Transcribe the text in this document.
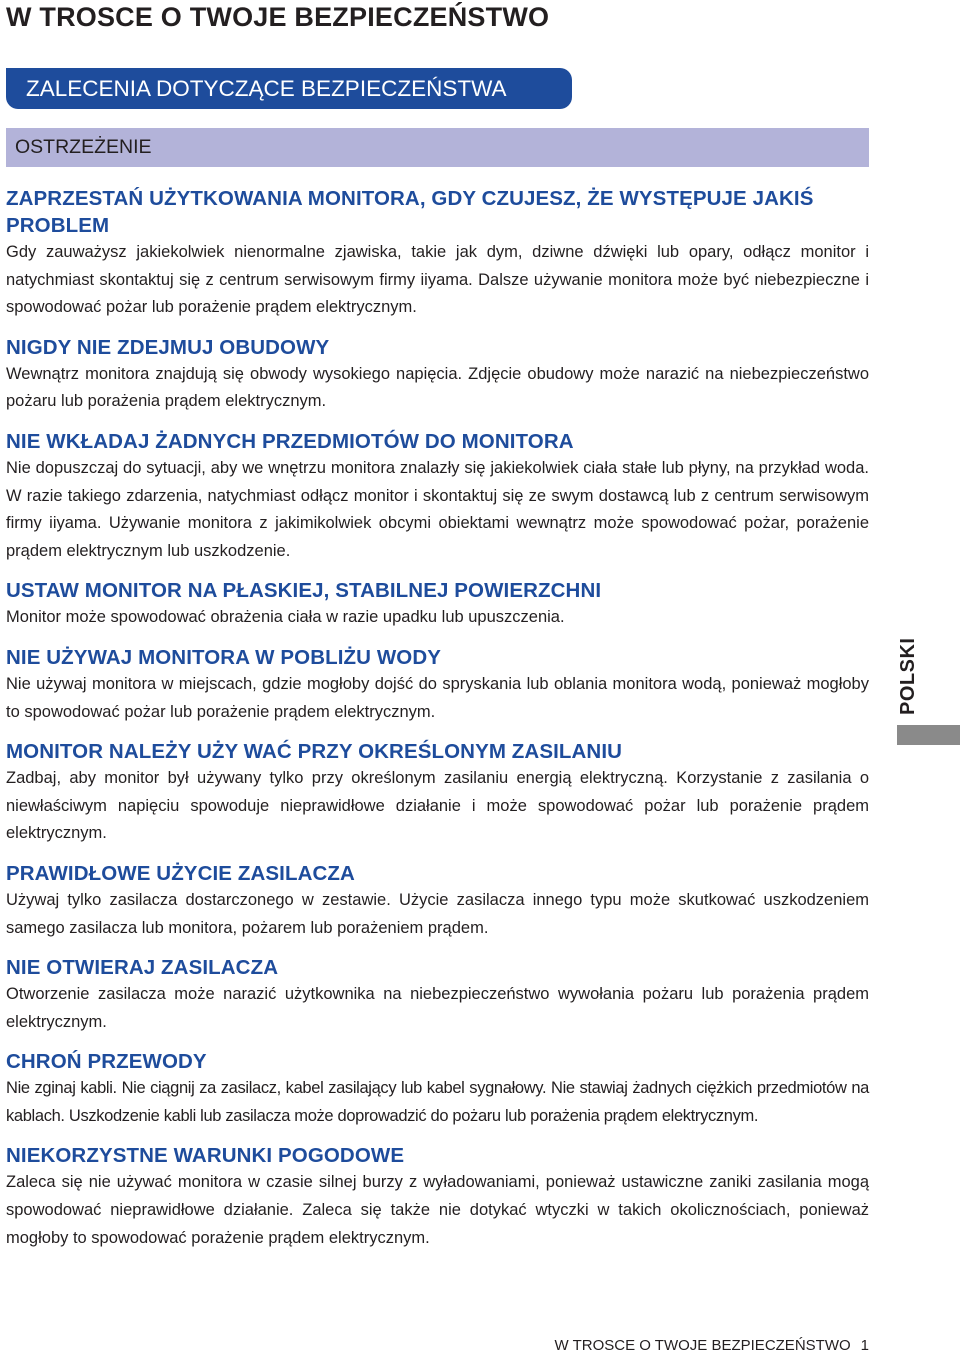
W TROSCE O TWOJE BEZPIECZEŃSTWO
ZALECENIA DOTYCZĄCE BEZPIECZEŃSTWA
OSTRZEŻENIE
ZAPRZESTAŃ UŻYTKOWANIA MONITORA, GDY CZUJESZ, ŻE WYSTĘPUJE JAKIŚ PROBLEM

Gdy zauważysz jakiekolwiek nienormalne zjawiska, takie jak dym, dziwne dźwięki lub opary, odłącz monitor i natychmiast skontaktuj się z centrum serwisowym firmy iiyama. Dalsze używanie monitora może być niebezpieczne i spowodować pożar lub porażenie prądem elektrycznym.

NIGDY NIE ZDEJMUJ OBUDOWY

Wewnątrz monitora znajdują się obwody wysokiego napięcia. Zdjęcie obudowy może narazić na niebezpieczeństwo pożaru lub porażenia prądem elektrycznym.

NIE WKŁADAJ ŻADNYCH PRZEDMIOTÓW DO MONITORA

Nie dopuszczaj do sytuacji, aby we wnętrzu monitora znalazły się jakiekolwiek ciała stałe lub płyny, na przykład woda. W razie takiego zdarzenia, natychmiast odłącz monitor i skontaktuj się ze swym dostawcą lub z centrum serwisowym firmy iiyama. Używanie monitora z jakimikolwiek obcymi obiektami wewnątrz może spowodować pożar, porażenie prądem elektrycznym lub uszkodzenie.

USTAW MONITOR NA PŁASKIEJ, STABILNEJ POWIERZCHNI

Monitor może spowodować obrażenia ciała w razie upadku lub upuszczenia.

NIE UŻYWAJ MONITORA W POBLIŻU WODY

Nie używaj monitora w miejscach, gdzie mogłoby dojść do spryskania lub oblania monitora wodą, ponieważ mogłoby to spowodować pożar lub porażenie prądem elektrycznym.

MONITOR NALEŻY UŻY WAĆ PRZY OKREŚLONYM ZASILANIU

Zadbaj, aby monitor był używany tylko przy określonym zasilaniu energią elektryczną. Korzystanie z zasilania o niewłaściwym napięciu spowoduje nieprawidłowe działanie i może spowodować pożar lub porażenie prądem elektrycznym.

PRAWIDŁOWE UŻYCIE ZASILACZA

Używaj tylko zasilacza dostarczonego w zestawie. Użycie zasilacza innego typu może skutkować uszkodzeniem samego zasilacza lub monitora, pożarem lub porażeniem prądem.

NIE OTWIERAJ ZASILACZA

Otworzenie zasilacza może narazić użytkownika na niebezpieczeństwo wywołania pożaru lub porażenia prądem elektrycznym.

CHROŃ PRZEWODY

Nie zginaj kabli. Nie ciągnij za zasilacz, kabel zasilający lub kabel sygnałowy. Nie stawiaj żadnych ciężkich przedmiotów na kablach. Uszkodzenie kabli lub zasilacza może doprowadzić do pożaru lub porażenia prądem elektrycznym.

NIEKORZYSTNE WARUNKI POGODOWE

Zaleca się nie używać monitora w czasie silnej burzy z wyładowaniami, ponieważ ustawiczne zaniki zasilania mogą spowodować nieprawidłowe działanie. Zaleca się także nie dotykać wtyczki w takich okolicznościach, ponieważ mogłoby to spowodować porażenie prądem elektrycznym.

POLSKI
W TROSCE O TWOJE BEZPIECZEŃSTWO 1
